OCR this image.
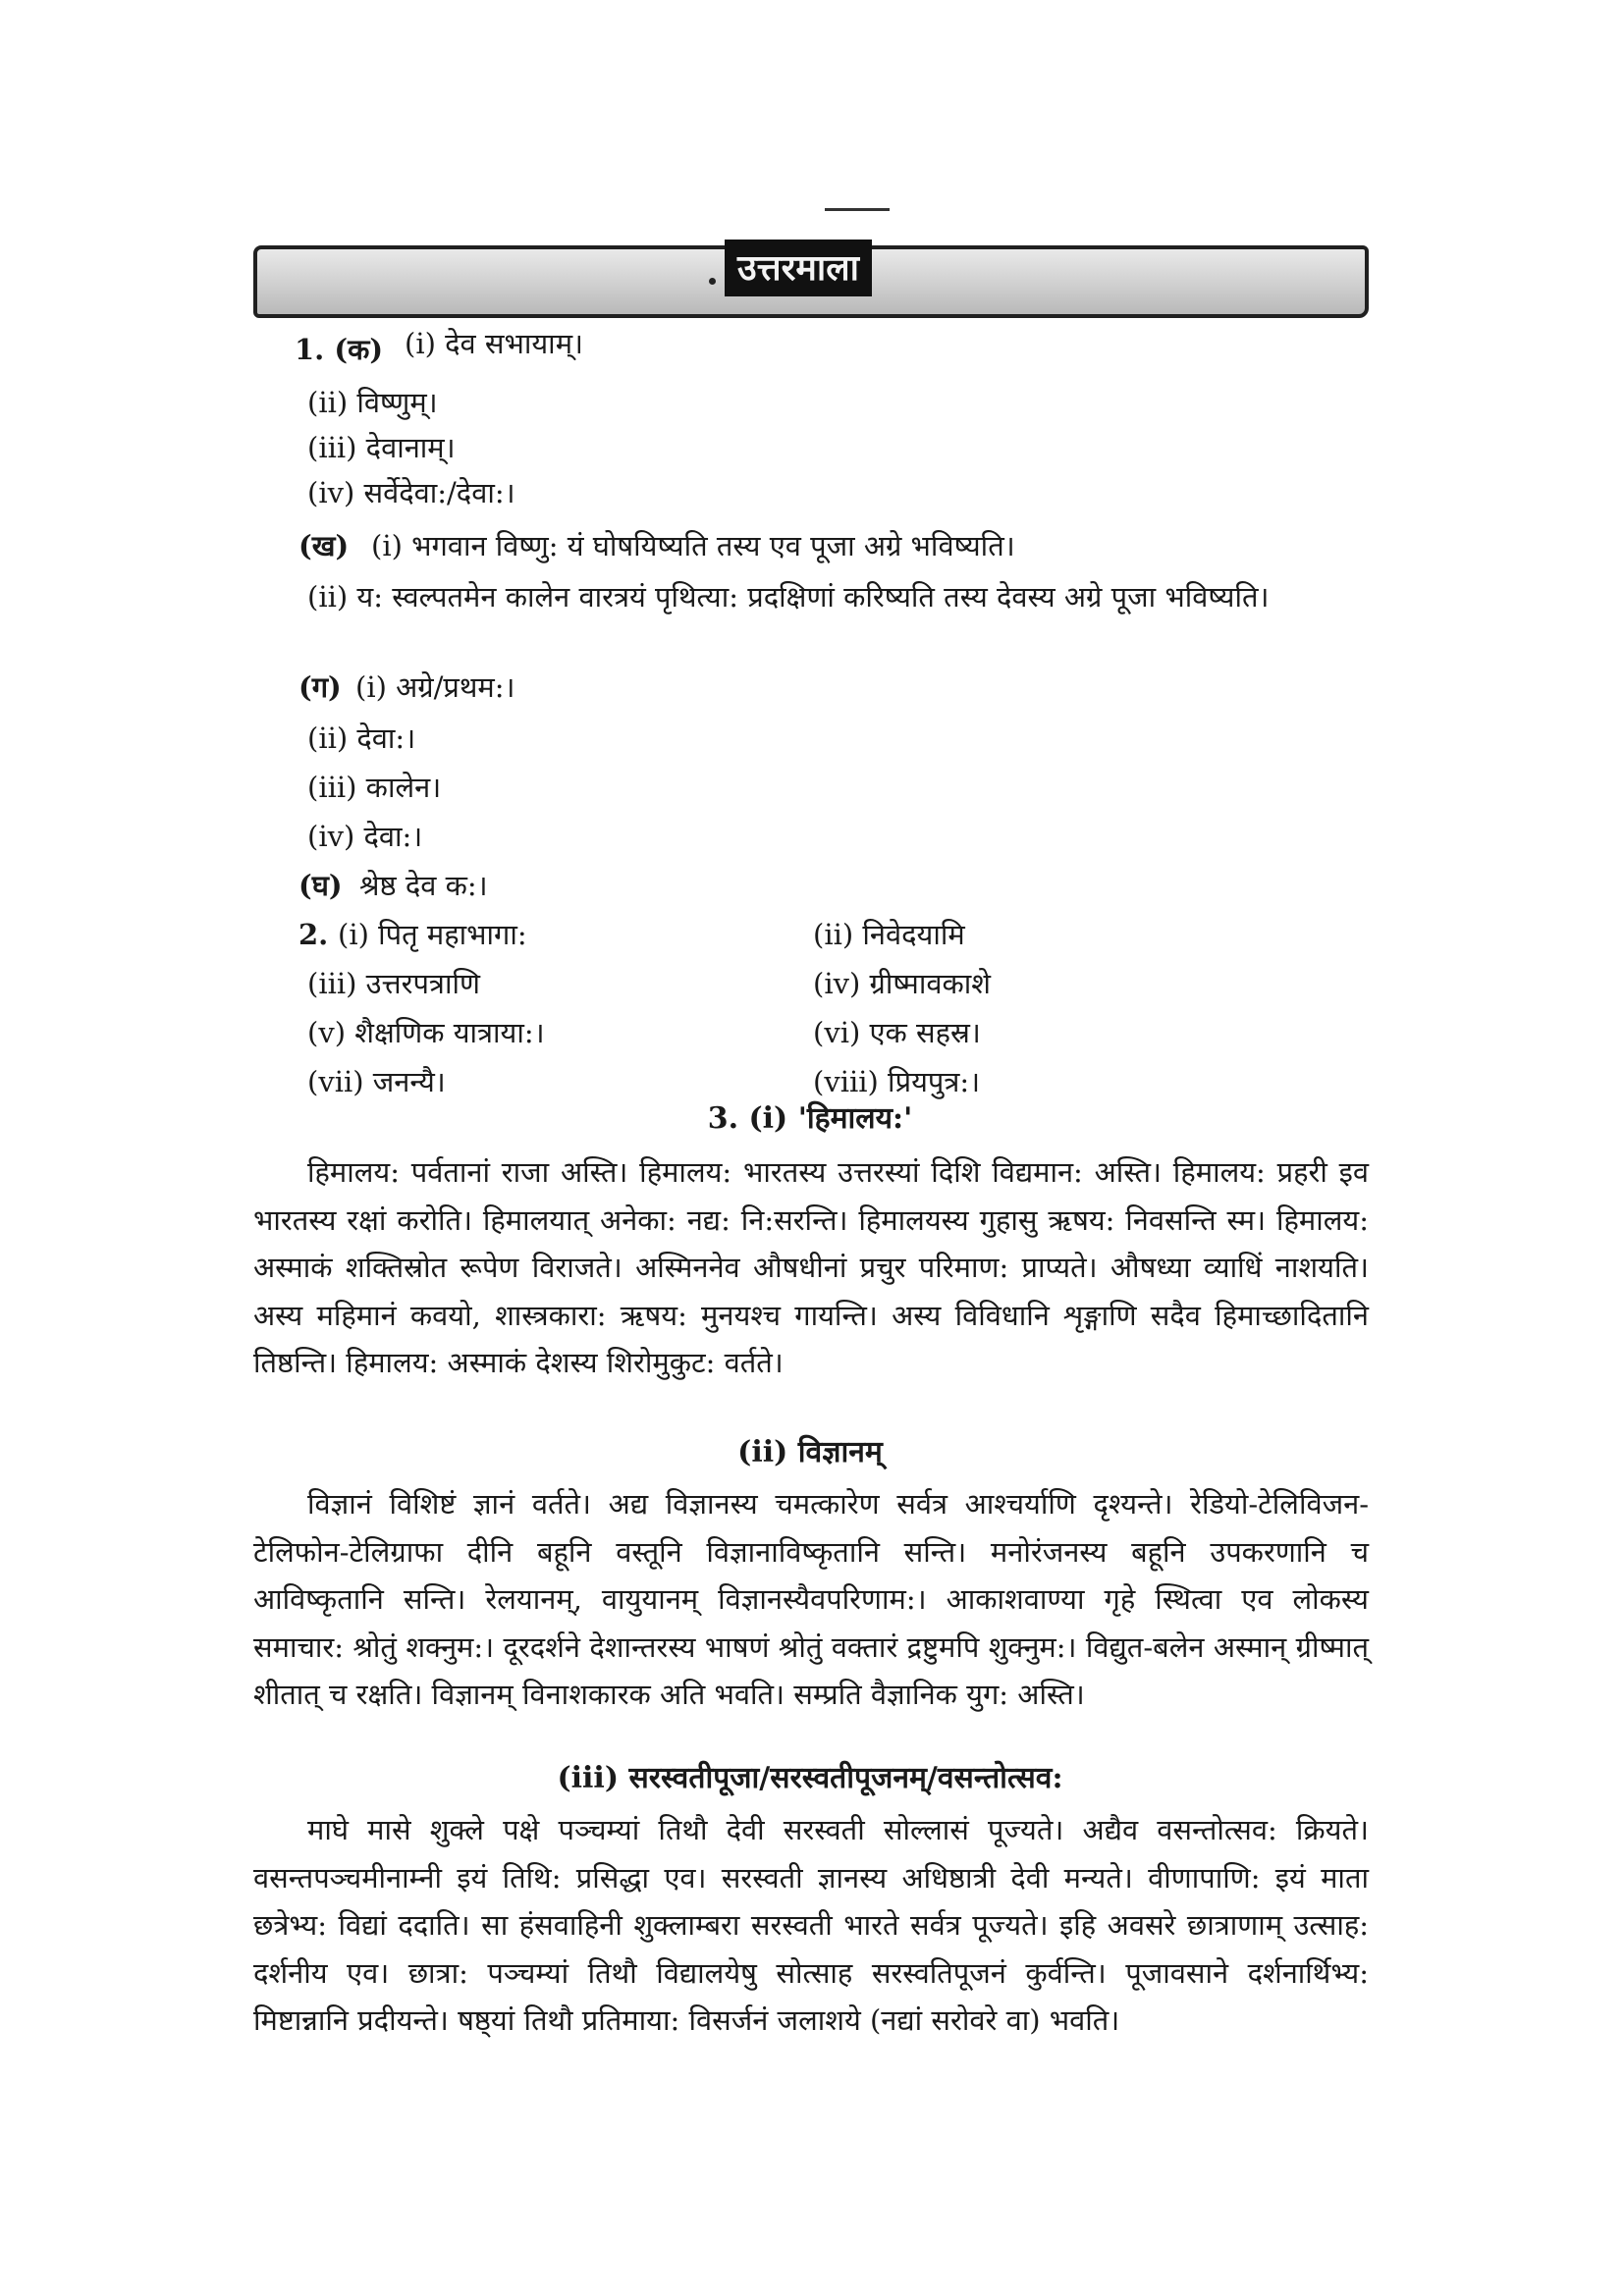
उत्तरमाला
1. (क) (i) देव सभायाम्।
(ii) विष्णुम्।
(iii) देवानाम्।
(iv) सर्वेदेवा:/देवा:।
(ख) (i) भगवान विष्णु: यं घोषयिष्यति तस्य एव पूजा अग्रे भविष्यति।

(ii) य: स्वल्पतमेन कालेन वारत्रयं पृथित्या: प्रदक्षिणां करिष्यति तस्य देवस्य अग्रे पूजा भविष्यति।

(ग) (i) अग्रे/प्रथम:।
(ii) देवा:।
(iii) कालेन।
(iv) देवा:।
(घ) श्रेष्ठ देव क:।
2. (i) पितृ महाभागा:	(ii) निवेदयामि
(iii) उत्तरपत्राणि	(iv) ग्रीष्मावकाशे
(v) शैक्षणिक यात्राया:।	(vi) एक सहस्र।
(vii) जनन्यै।	(viii) प्रियपुत्र:।
3. (i) 'हिमालय:'

हिमालय: पर्वतानां राजा अस्ति। हिमालय: भारतस्य उत्तरस्यां दिशि विद्यमान: अस्ति। हिमालय: प्रहरी इव भारतस्य रक्षां करोति। हिमालयात् अनेका: नद्य: नि:सरन्ति। हिमालयस्य गुहासु ऋषय: निवसन्ति स्म। हिमालय: अस्माकं शक्तिस्रोत रूपेण विराजते। अस्मिननेव औषधीनां प्रचुर परिमाण: प्राप्यते। औषध्या व्याधिं नाशयति। अस्य महिमानं कवयो, शास्त्रकारा: ऋषय: मुनयश्च गायन्ति। अस्य विविधानि शृङ्गाणि सदैव हिमाच्छादितानि तिष्ठन्ति। हिमालय: अस्माकं देशस्य शिरोमुकुट: वर्तते।

(ii) विज्ञानम्

विज्ञानं विशिष्टं ज्ञानं वर्तते। अद्य विज्ञानस्य चमत्कारेण सर्वत्र आश्चर्याणि दृश्यन्ते। रेडियो-टेलिविजन-टेलिफोन-टेलिग्राफा दीनि बहूनि वस्तूनि विज्ञानाविष्कृतानि सन्ति। मनोरंजनस्य बहूनि उपकरणानि च आविष्कृतानि सन्ति। रेलयानम्, वायुयानम् विज्ञानस्यैवपरिणाम:। आकाशवाण्या गृहे स्थित्वा एव लोकस्य समाचार: श्रोतुं शक्नुम:। दूरदर्शने देशान्तरस्य भाषणं श्रोतुं वक्तारं द्रष्टुमपि शुक्नुम:। विद्युत-बलेन अस्मान् ग्रीष्मात् शीतात् च रक्षति। विज्ञानम् विनाशकारक अति भवति। सम्प्रति वैज्ञानिक युग: अस्ति।

(iii) सरस्वतीपूजा/सरस्वतीपूजनम्/वसन्तोत्सव:

माघे मासे शुक्ले पक्षे पञ्चम्यां तिथौ देवी सरस्वती सोल्लासं पूज्यते। अद्यैव वसन्तोत्सव: क्रियते। वसन्तपञ्चमीनाम्नी इयं तिथि: प्रसिद्धा एव। सरस्वती ज्ञानस्य अधिष्ठात्री देवी मन्यते। वीणापाणि: इयं माता छत्रेभ्य: विद्यां ददाति। सा हंसवाहिनी शुक्लाम्बरा सरस्वती भारते सर्वत्र पूज्यते। इहि अवसरे छात्राणाम् उत्साह: दर्शनीय एव। छात्रा: पञ्चम्यां तिथौ विद्यालयेषु सोत्साह सरस्वतिपूजनं कुर्वन्ति। पूजावसाने दर्शनार्थिभ्य: मिष्टान्नानि प्रदीयन्ते। षष्ठ्यां तिथौ प्रतिमाया: विसर्जनं जलाशये (नद्यां सरोवरे वा) भवति।
